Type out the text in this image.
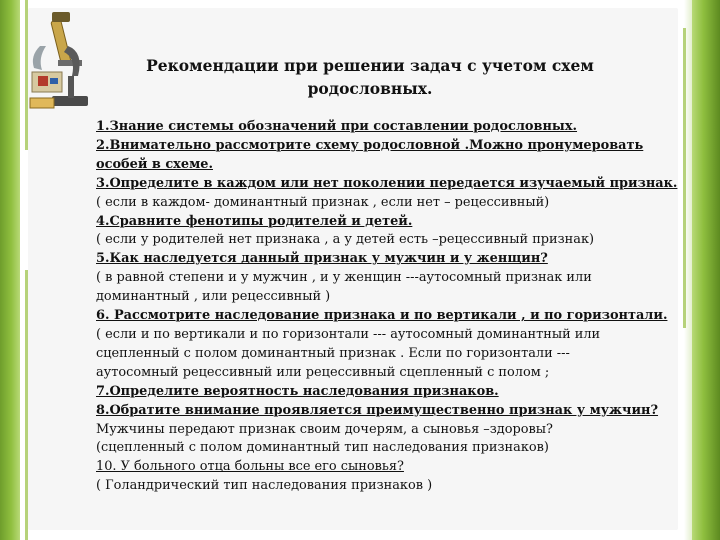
Рекомендации при решении задач с учетом схем
родословных.
1.Знание системы обозначений при составлении родословных.
2.Внимательно рассмотрите схему родословной .Можно пронумеровать
особей в схеме.
3.Определите в каждом или нет поколении передается изучаемый признак.
( если в каждом- доминантный признак , если нет – рецессивный)
4.Сравните фенотипы родителей и детей.
( если у родителей нет признака , а у детей есть –рецессивный признак)
5.Как наследуется данный признак у мужчин и у женщин?
( в равной степени и у мужчин , и у женщин ---аутосомный признак или
доминантный , или рецессивный )
6. Рассмотрите наследование признака и по вертикали , и по горизонтали.
( если и по вертикали и по горизонтали --- аутосомный доминантный или
сцепленный с полом доминантный признак . Если по горизонтали ---
аутосомный рецессивный или рецессивный сцепленный с полом ;
7.Определите вероятность наследования признаков.
8.Обратите внимание проявляется преимущественно признак у мужчин?
Мужчины передают признак своим дочерям, а сыновья –здоровы?
(сцепленный с полом доминантный тип наследования признаков)
10. У больного отца больны все его сыновья?
( Голандрический тип наследования признаков )
